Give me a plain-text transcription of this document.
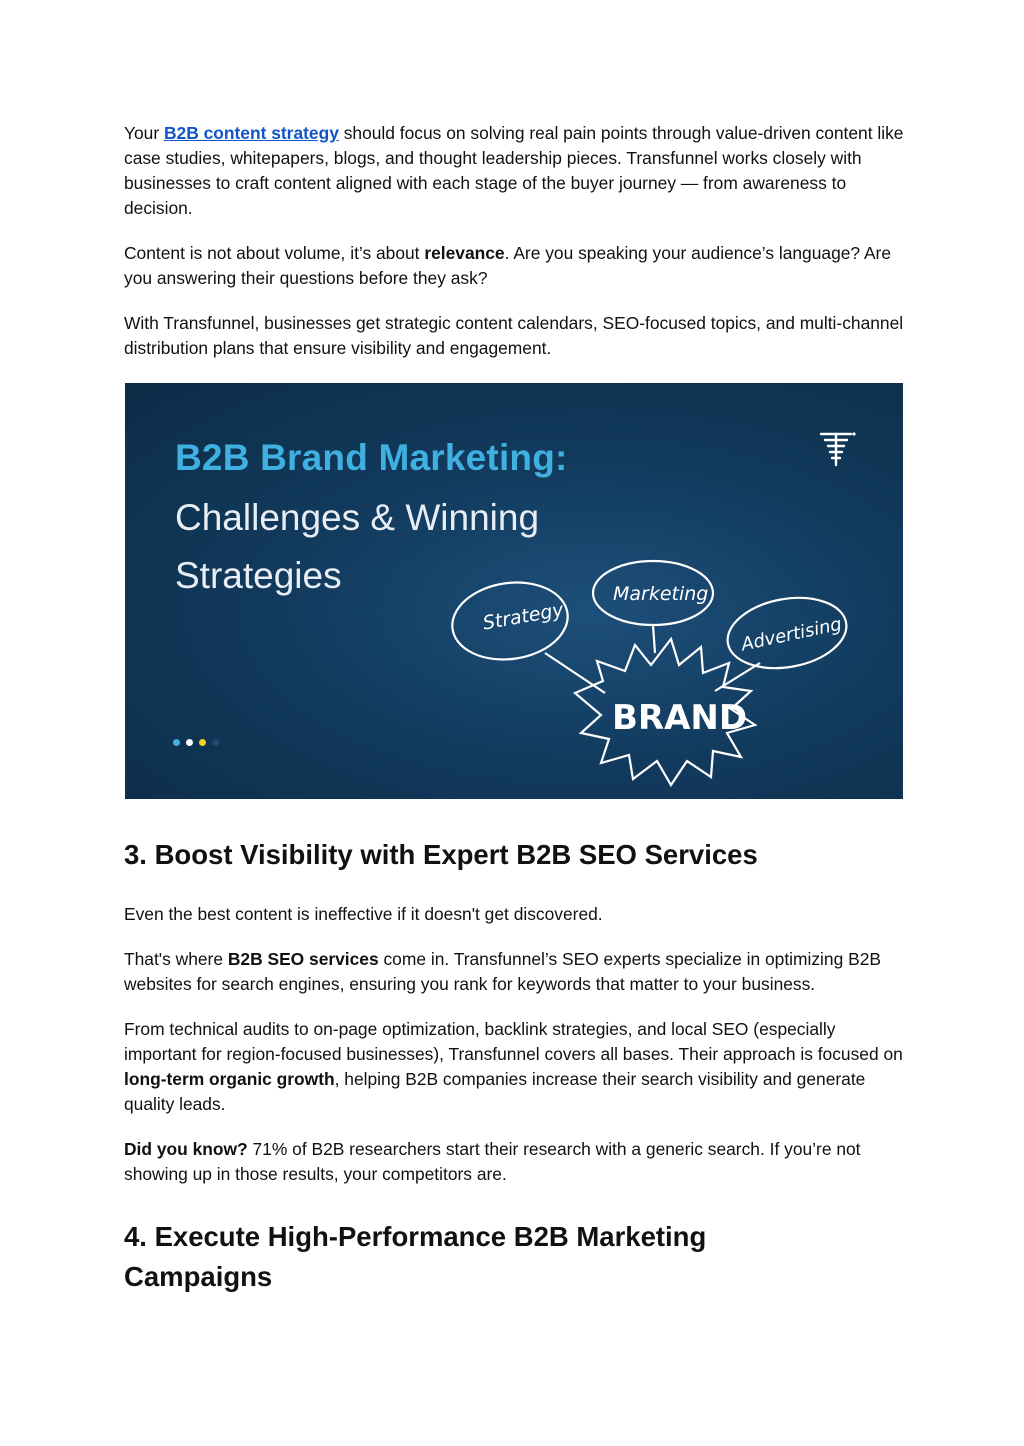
Your B2B content strategy should focus on solving real pain points through value-driven content like case studies, whitepapers, blogs, and thought leadership pieces. Transfunnel works closely with businesses to craft content aligned with each stage of the buyer journey — from awareness to decision.

Content is not about volume, it’s about relevance. Are you speaking your audience’s language? Are you answering their questions before they ask?

With Transfunnel, businesses get strategic content calendars, SEO-focused topics, and multi-channel distribution plans that ensure visibility and engagement.

B2B Brand Marketing:
Challenges & Winning
Strategies
Strategy
Marketing
Advertising
BRAND
3. Boost Visibility with Expert B2B SEO Services

Even the best content is ineffective if it doesn't get discovered.

That's where B2B SEO services come in. Transfunnel’s SEO experts specialize in optimizing B2B websites for search engines, ensuring you rank for keywords that matter to your business.

From technical audits to on-page optimization, backlink strategies, and local SEO (especially important for region-focused businesses), Transfunnel covers all bases. Their approach is focused on long-term organic growth, helping B2B companies increase their search visibility and generate quality leads.

Did you know? 71% of B2B researchers start their research with a generic search. If you’re not showing up in those results, your competitors are.

4. Execute High-Performance B2B Marketing
Campaigns
